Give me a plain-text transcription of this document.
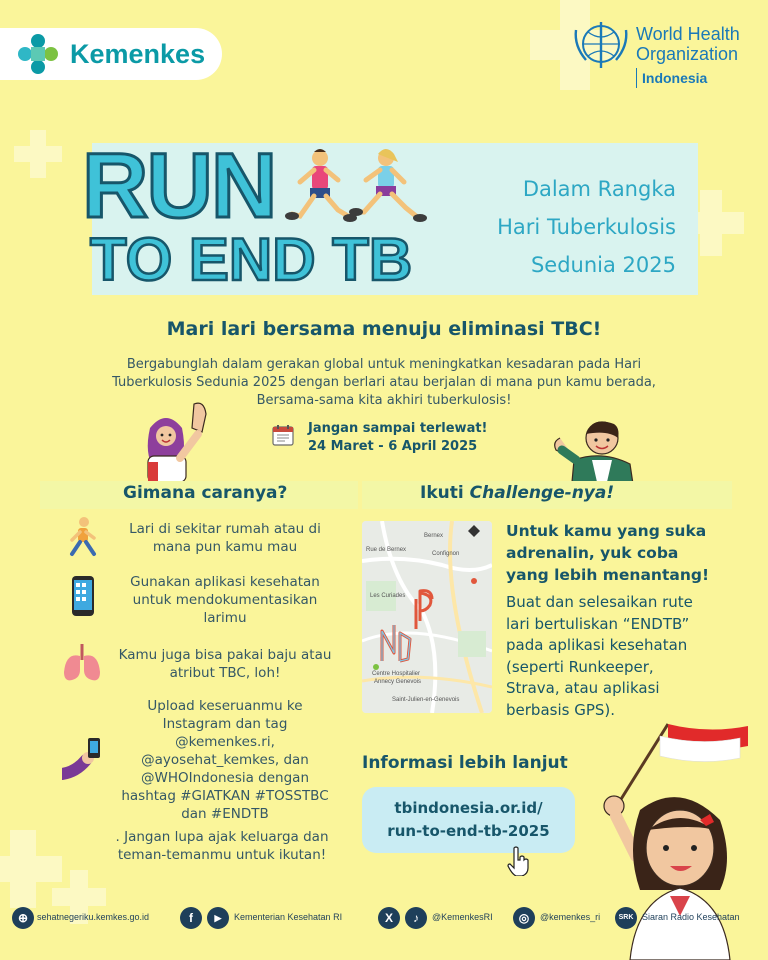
Kemenkes
World Health
Organization
Indonesia
RUN
TO END TB
Dalam Rangka
Hari Tuberkulosis
Sedunia 2025
Mari lari bersama menuju eliminasi TBC!
Bergabunglah dalam gerakan global untuk meningkatkan kesadaran pada Hari
Tuberkulosis Sedunia 2025 dengan berlari atau berjalan di mana pun kamu berada,
Bersama-sama kita akhiri tuberkulosis!
Jangan sampai terlewat!
24 Maret - 6 April 2025
Gimana caranya?	Ikuti Challenge-nya!
Lari di sekitar rumah atau di
mana pun kamu mau
Gunakan aplikasi kesehatan
untuk mendokumentasikan
larimu
Kamu juga bisa pakai baju atau
atribut TBC, loh!
Upload keseruanmu ke
Instagram dan tag
@kemenkes.ri,
@ayosehat_kemkes, dan
@WHOIndonesia dengan
hashtag #GIATKAN #TOSSTBC
dan #ENDTB
. Jangan lupa ajak keluarga dan
teman-temanmu untuk ikutan!
Bernex
Confignon
Rue de Bernex
Les Curiades
Centre Hospitalier
Annecy Genevois
Saint-Julien-en-Genevois
Untuk kamu yang suka
adrenalin, yuk coba
yang lebih menantang!
Buat dan selesaikan rute
lari bertuliskan “ENDTB”
pada aplikasi kesehatan
(seperti Runkeeper,
Strava, atau aplikasi
berbasis GPS).
Informasi lebih lanjut
tbindonesia.or.id/
run-to-end-tb-2025
⊕ sehatnegeriku.kemkes.go.id	f	▶	Kementerian Kesehatan RI	X	♪	@KemenkesRI	◎	@kemenkes_ri	SRK Siaran Radio Kesehatan
